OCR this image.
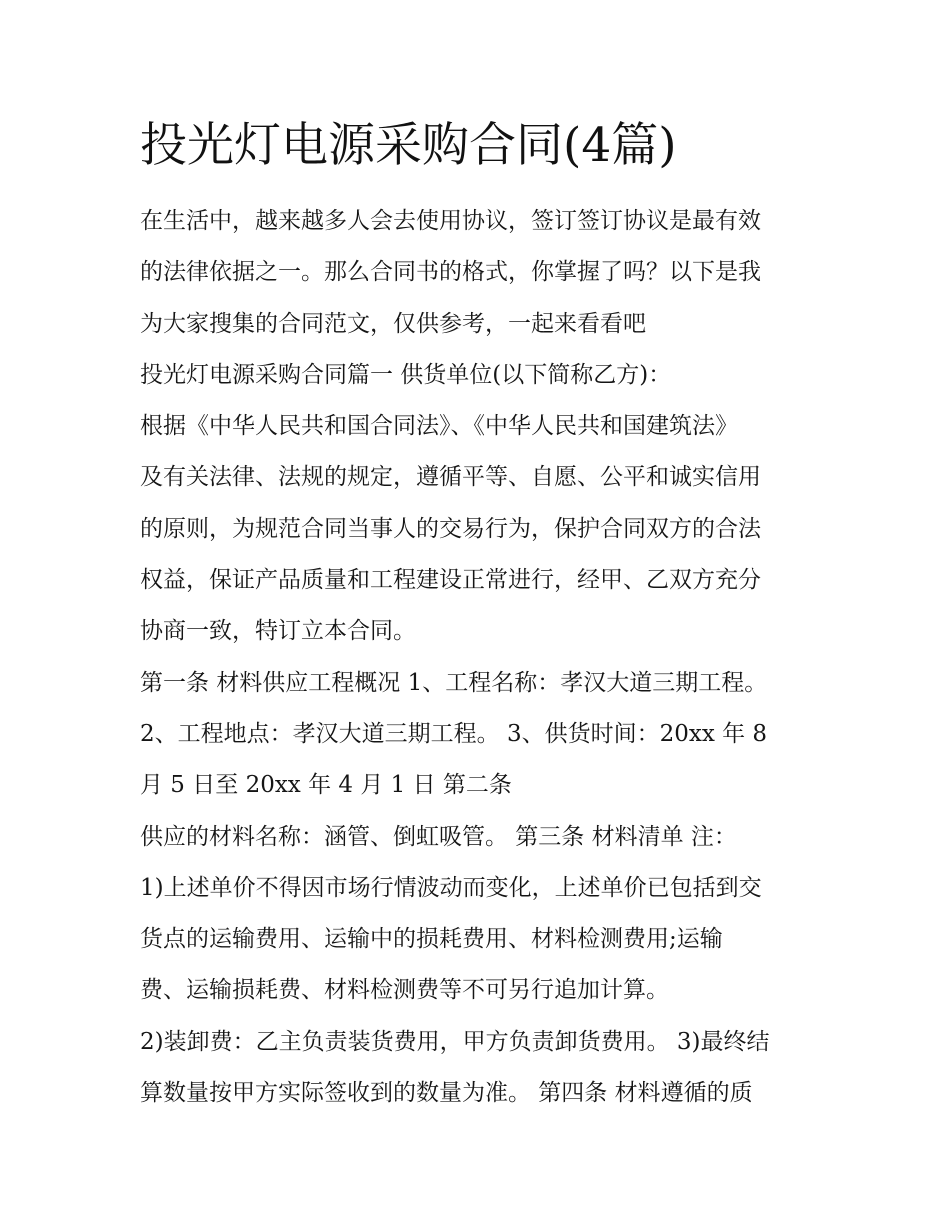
投光灯电源采购合同(4篇)
在生活中，越来越多人会去使用协议，签订签订协议是最有效
的法律依据之一。那么合同书的格式，你掌握了吗？以下是我
为大家搜集的合同范文，仅供参考，一起来看看吧
投光灯电源采购合同篇一 供货单位(以下简称乙方)：
根据《中华人民共和国合同法》、《中华人民共和国建筑法》
及有关法律、法规的规定，遵循平等、自愿、公平和诚实信用
的原则，为规范合同当事人的交易行为，保护合同双方的合法
权益，保证产品质量和工程建设正常进行，经甲、乙双方充分
协商一致，特订立本合同。
第一条 材料供应工程概况 1、工程名称：孝汉大道三期工程。
2、工程地点：孝汉大道三期工程。 3、供货时间：20xx 年 8
月 5 日至 20xx 年 4 月 1 日 第二条
供应的材料名称：涵管、倒虹吸管。 第三条 材料清单 注：
1)上述单价不得因市场行情波动而变化，上述单价已包括到交
货点的运输费用、运输中的损耗费用、材料检测费用;运输
费、运输损耗费、材料检测费等不可另行追加计算。
2)装卸费：乙主负责装货费用，甲方负责卸货费用。 3)最终结
算数量按甲方实际签收到的数量为准。 第四条 材料遵循的质
